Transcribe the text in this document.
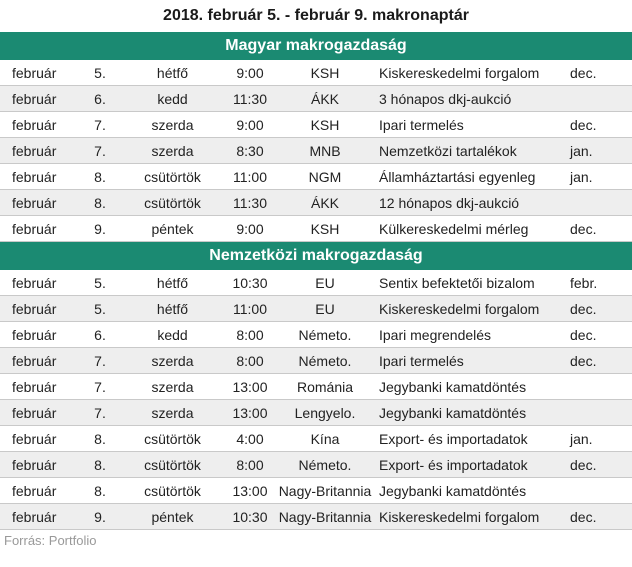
2018. február 5. - február 9. makronaptár
Magyar makrogazdaság
február	5.	hétfő	9:00	KSH	Kiskereskedelmi forgalom	dec.
február	6.	kedd	11:30	ÁKK	3 hónapos dkj-aukció	
február	7.	szerda	9:00	KSH	Ipari termelés	dec.
február	7.	szerda	8:30	MNB	Nemzetközi tartalékok	jan.
február	8.	csütörtök	11:00	NGM	Államháztartási egyenleg	jan.
február	8.	csütörtök	11:30	ÁKK	12 hónapos dkj-aukció	
február	9.	péntek	9:00	KSH	Külkereskedelmi mérleg	dec.
Nemzetközi makrogazdaság
február	5.	hétfő	10:30	EU	Sentix befektetői bizalom	febr.
február	5.	hétfő	11:00	EU	Kiskereskedelmi forgalom	dec.
február	6.	kedd	8:00	Németo.	Ipari megrendelés	dec.
február	7.	szerda	8:00	Németo.	Ipari termelés	dec.
február	7.	szerda	13:00	Románia	Jegybanki kamatdöntés	
február	7.	szerda	13:00	Lengyelo.	Jegybanki kamatdöntés	
február	8.	csütörtök	4:00	Kína	Export- és importadatok	jan.
február	8.	csütörtök	8:00	Németo.	Export- és importadatok	dec.
február	8.	csütörtök	13:00	Nagy-Britannia	Jegybanki kamatdöntés	
február	9.	péntek	10:30	Nagy-Britannia	Kiskereskedelmi forgalom	dec.
Forrás: Portfolio
